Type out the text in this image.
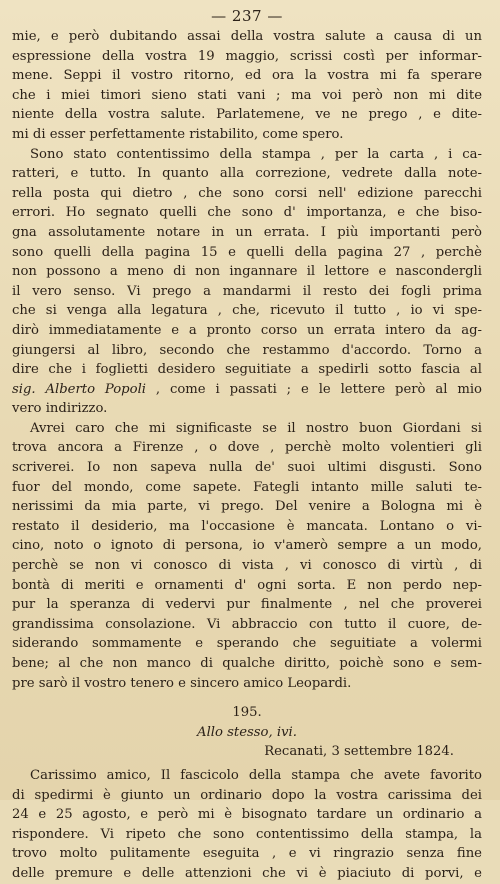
— 237 —
mie, e però dubitando assai della vostra salute a causa di un
espressione della vostra 19 maggio, scrissi costì per informar-
mene. Seppi il vostro ritorno, ed ora la vostra mi fa sperare
che i miei timori sieno stati vani ; ma voi però non mi dite
niente della vostra salute. Parlatemene, ve ne prego , e dite-
mi di esser perfettamente ristabilito, come spero.
Sono stato contentissimo della stampa , per la carta , i ca-
ratteri, e tutto. In quanto alla correzione, vedrete dalla note-
rella posta qui dietro , che sono corsi nell' edizione parecchi
errori. Ho segnato quelli che sono d' importanza, e che biso-
gna assolutamente notare in un errata. I più importanti però
sono quelli della pagina 15 e quelli della pagina 27 , perchè
non possono a meno di non ingannare il lettore e nascondergli
il vero senso. Vi prego a mandarmi il resto dei fogli prima
che si venga alla legatura , che, ricevuto il tutto , io vi spe-
dirò immediatamente e a pronto corso un errata intero da ag-
giungersi al libro, secondo che restammo d'accordo. Torno a
dire che i foglietti desidero seguitiate a spedirli sotto fascia al
sig. Alberto Popoli , come i passati ; e le lettere però al mio
vero indirizzo.
Avrei caro che mi significaste se il nostro buon Giordani si
trova ancora a Firenze , o dove , perchè molto volentieri gli
scriverei. Io non sapeva nulla de' suoi ultimi disgusti. Sono
fuor del mondo, come sapete. Fategli intanto mille saluti te-
nerissimi da mia parte, vi prego. Del venire a Bologna mi è
restato il desiderio, ma l'occasione è mancata. Lontano o vi-
cino, noto o ignoto di persona, io v'amerò sempre a un modo,
perchè se non vi conosco di vista , vi conosco di virtù , di
bontà di meriti e ornamenti d' ogni sorta. E non perdo nep-
pur la speranza di vedervi pur finalmente , nel che proverei
grandissima consolazione. Vi abbraccio con tutto il cuore, de-
siderando sommamente e sperando che seguitiate a volermi
bene; al che non manco di qualche diritto, poichè sono e sem-
pre sarò il vostro tenero e sincero amico Leopardi.
195.
Allo stesso, ivi.
Recanati, 3 settembre 1824.
Carissimo amico, Il fascicolo della stampa che avete favorito
di spedirmi è giunto un ordinario dopo la vostra carissima dei
24 e 25 agosto, e però mi è bisognato tardare un ordinario a
rispondere. Vi ripeto che sono contentissimo della stampa, la
trovo molto pulitamente eseguita , e vi ringrazio senza fine
delle premure e delle attenzioni che vi è piaciuto di porvi, e
